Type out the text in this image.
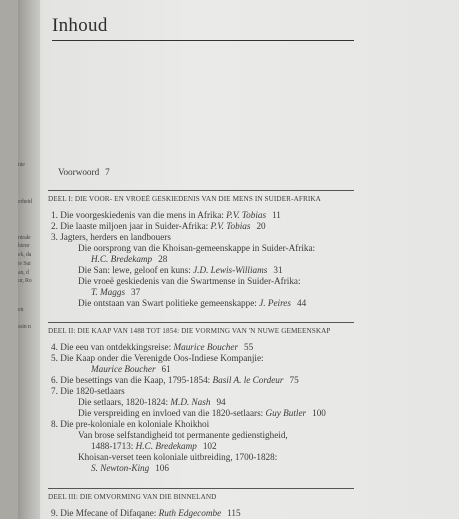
nie
erheid
ntrale
kteur
ek, da
ie Sui
an, d
ur, Ro
en
ssin n
Inhoud
Voorwoord 7
DEEL I: DIE VOOR- EN VROEË GESKIEDENIS VAN DIE MENS IN SUIDER-AFRIKA
1. Die voorgeskiedenis van die mens in Afrika: P.V. Tobias 11
2. Die laaste miljoen jaar in Suider-Afrika: P.V. Tobias 20
3. Jagters, herders en landbouers
Die oorsprong van die Khoisan-gemeenskappe in Suider-Afrika:
H.C. Bredekamp 28
Die San: lewe, geloof en kuns: J.D. Lewis-Williams 31
Die vroeë geskiedenis van die Swartmense in Suider-Afrika:
T. Maggs 37
Die ontstaan van Swart politieke gemeenskappe: J. Peires 44
DEEL II: DIE KAAP VAN 1488 TOT 1854: DIE VORMING VAN 'N NUWE GEMEENSKAP
4. Die eeu van ontdekkingsreise: Maurice Boucher 55
5. Die Kaap onder die Verenigde Oos-Indiese Kompanjie:
Maurice Boucher 61
6. Die besettings van die Kaap, 1795-1854: Basil A. le Cordeur 75
7. Die 1820-setlaars
Die setlaars, 1820-1824: M.D. Nash 94
Die verspreiding en invloed van die 1820-setlaars: Guy Butler 100
8. Die pre-koloniale en koloniale Khoikhoi
Van brose selfstandigheid tot permanente gedienstigheid,
1488-1713: H.C. Bredekamp 102
Khoisan-verset teen koloniale uitbreiding, 1700-1828:
S. Newton-King 106
DEEL III: DIE OMVORMING VAN DIE BINNELAND
9. Die Mfecane of Difaqane: Ruth Edgecombe 115
